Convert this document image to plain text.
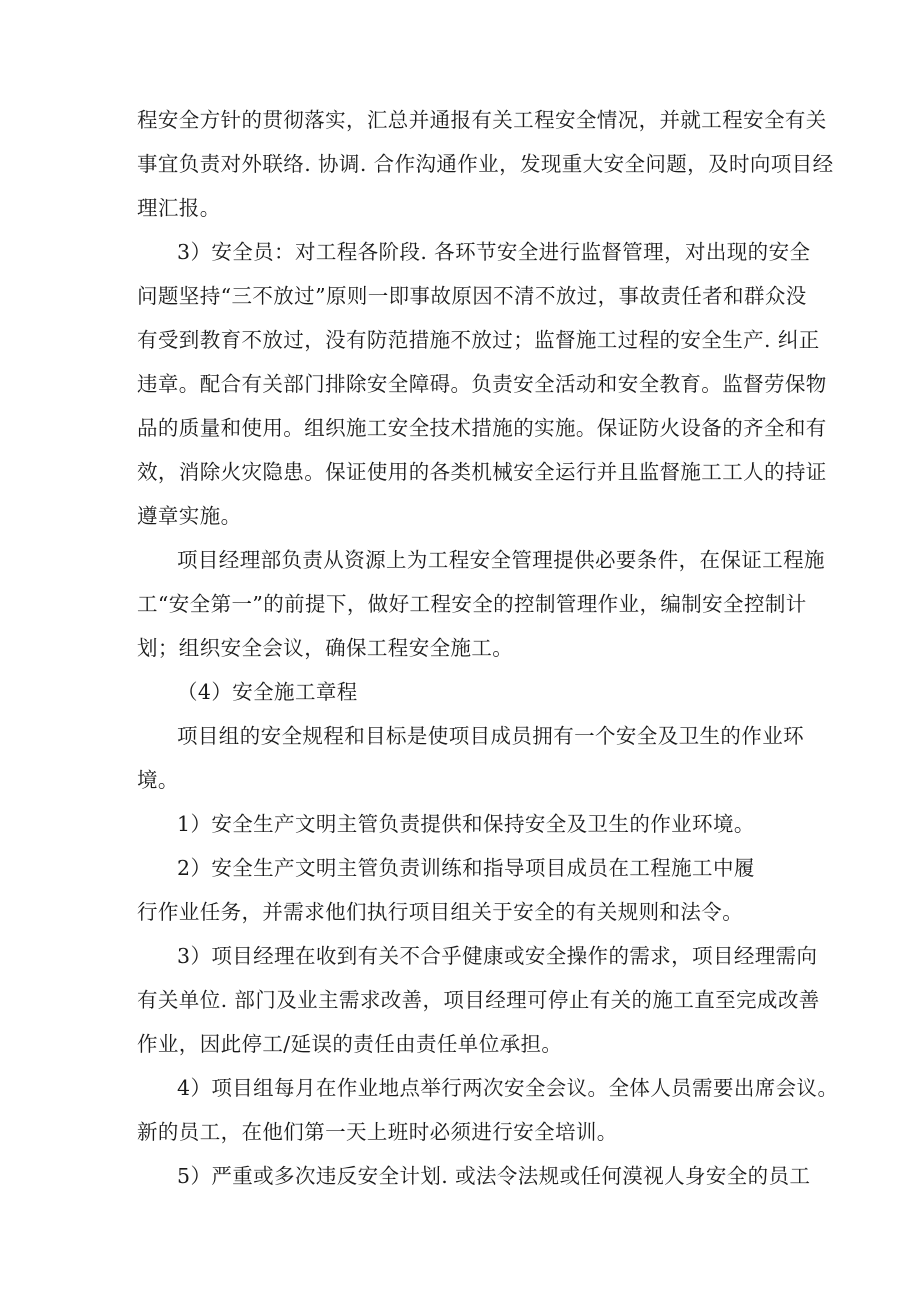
程安全方针的贯彻落实，汇总并通报有关工程安全情况，并就工程安全有关
事宜负责对外联络. 协调. 合作沟通作业，发现重大安全问题，及时向项目经
理汇报。
3）安全员：对工程各阶段. 各环节安全进行监督管理，对出现的安全
问题坚持“三不放过”原则一即事故原因不清不放过，事故责任者和群众没
有受到教育不放过，没有防范措施不放过；监督施工过程的安全生产. 纠正
违章。配合有关部门排除安全障碍。负责安全活动和安全教育。监督劳保物
品的质量和使用。组织施工安全技术措施的实施。保证防火设备的齐全和有
效，消除火灾隐患。保证使用的各类机械安全运行并且监督施工工人的持证
遵章实施。
项目经理部负责从资源上为工程安全管理提供必要条件，在保证工程施
工“安全第一”的前提下，做好工程安全的控制管理作业，编制安全控制计
划；组织安全会议，确保工程安全施工。
（4）安全施工章程
项目组的安全规程和目标是使项目成员拥有一个安全及卫生的作业环
境。
1）安全生产文明主管负责提供和保持安全及卫生的作业环境。
2）安全生产文明主管负责训练和指导项目成员在工程施工中履
行作业任务，并需求他们执行项目组关于安全的有关规则和法令。
3）项目经理在收到有关不合乎健康或安全操作的需求，项目经理需向
有关单位. 部门及业主需求改善，项目经理可停止有关的施工直至完成改善
作业，因此停工/延误的责任由责任单位承担。
4）项目组每月在作业地点举行两次安全会议。全体人员需要出席会议。
新的员工，在他们第一天上班时必须进行安全培训。
5）严重或多次违反安全计划. 或法令法规或任何漠视人身安全的员工
